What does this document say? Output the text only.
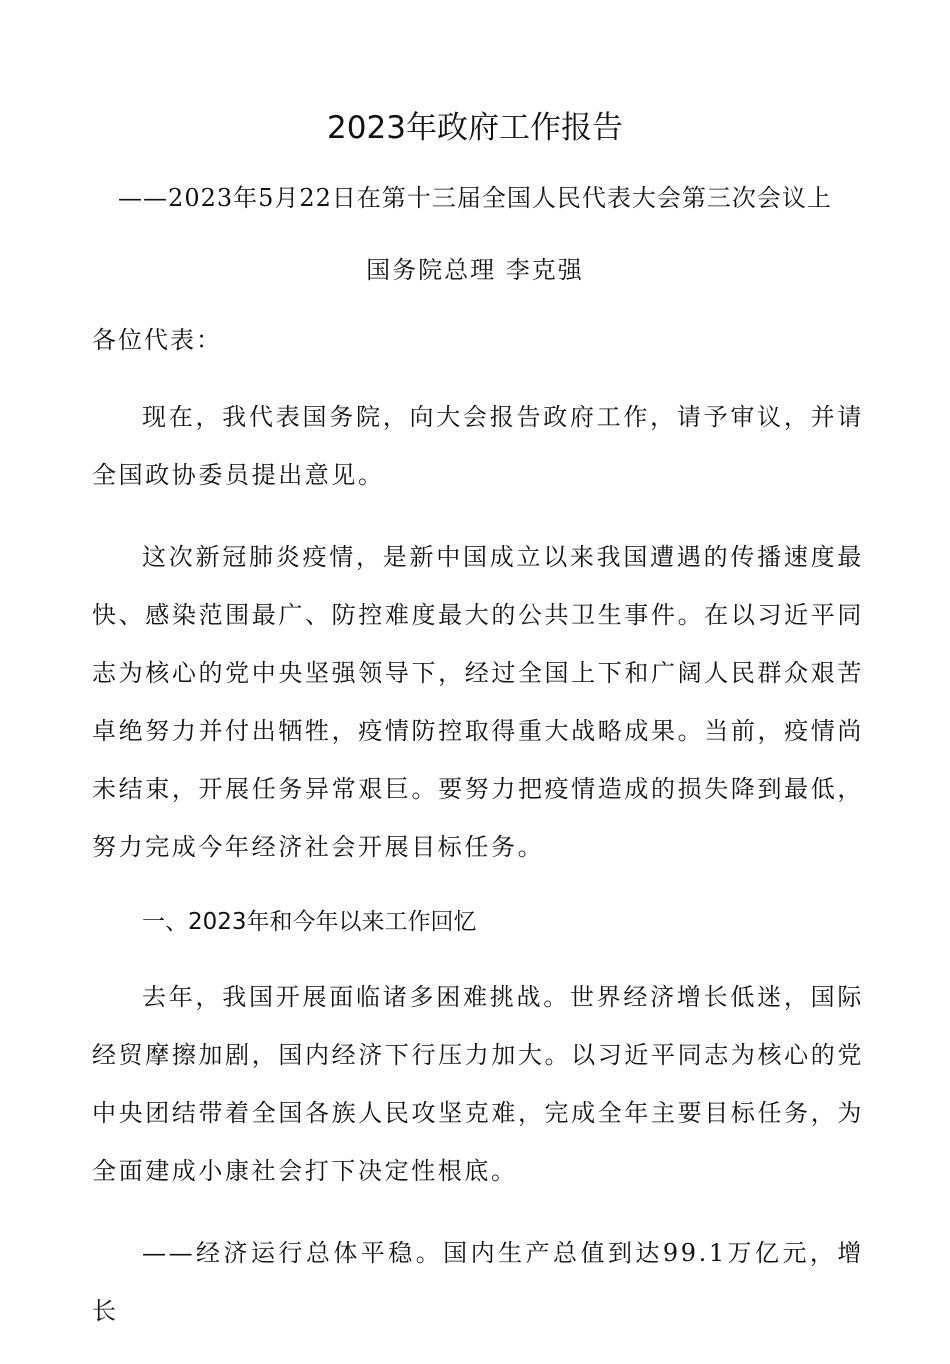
2023年政府工作报告

——2023年5月22日在第十三届全国人民代表大会第三次会议上

国务院总理 李克强

各位代表：

现在，我代表国务院，向大会报告政府工作，请予审议，并请全国政协委员提出意见。

这次新冠肺炎疫情，是新中国成立以来我国遭遇的传播速度最快、感染范围最广、防控难度最大的公共卫生事件。在以习近平同志为核心的党中央坚强领导下，经过全国上下和广阔人民群众艰苦卓绝努力并付出牺牲，疫情防控取得重大战略成果。当前，疫情尚未结束，开展任务异常艰巨。要努力把疫情造成的损失降到最低，努力完成今年经济社会开展目标任务。

一、2023年和今年以来工作回忆

去年，我国开展面临诸多困难挑战。世界经济增长低迷，国际经贸摩擦加剧，国内经济下行压力加大。以习近平同志为核心的党中央团结带着全国各族人民攻坚克难，完成全年主要目标任务，为全面建成小康社会打下决定性根底。

——经济运行总体平稳。国内生产总值到达99.1万亿元，增长
